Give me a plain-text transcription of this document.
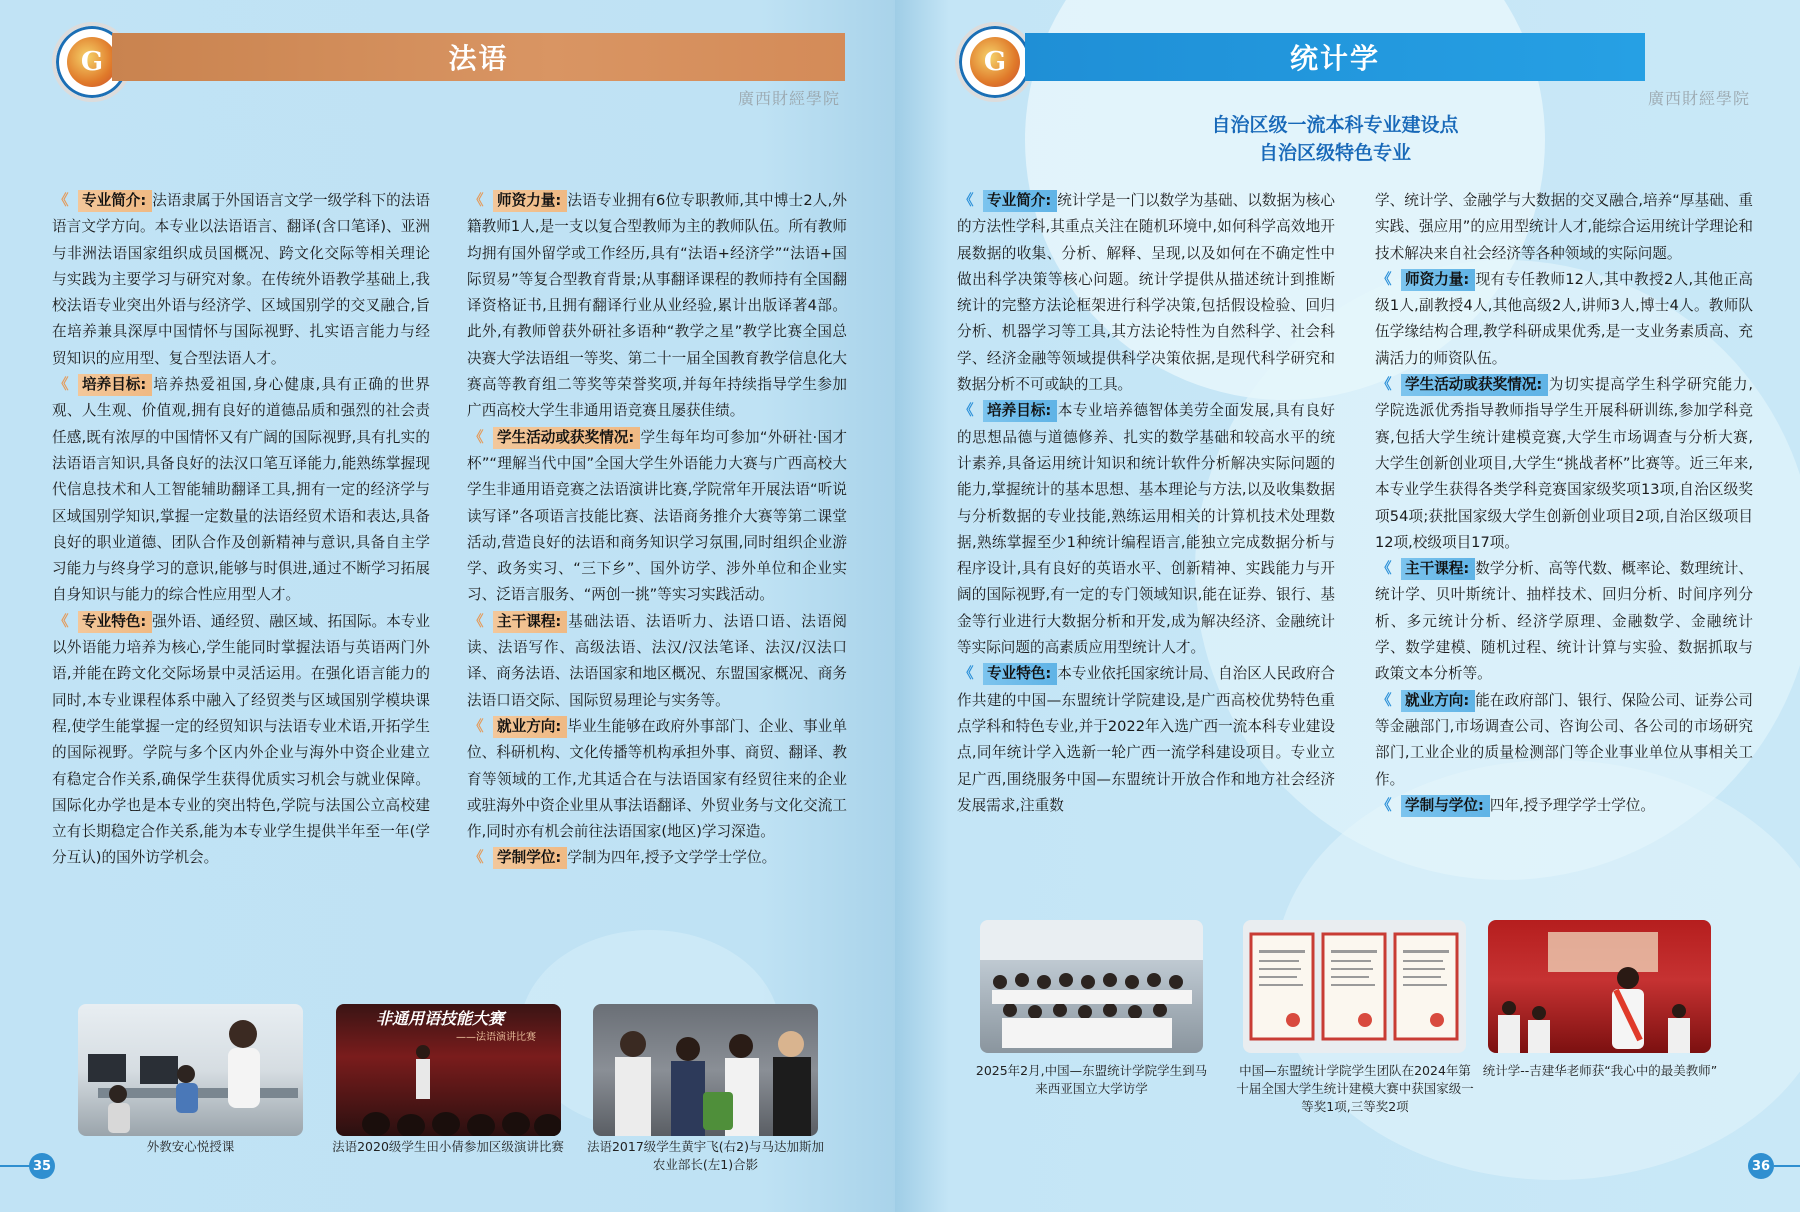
G	法语
廣西財經學院

《 专业简介: 法语隶属于外国语言文学一级学科下的法语语言文学方向。本专业以法语语言、翻译(含口笔译)、亚洲与非洲法语国家组织成员国概况、跨文化交际等相关理论与实践为主要学习与研究对象。在传统外语教学基础上,我校法语专业突出外语与经济学、区域国别学的交叉融合,旨在培养兼具深厚中国情怀与国际视野、扎实语言能力与经贸知识的应用型、复合型法语人才。

《 培养目标: 培养热爱祖国,身心健康,具有正确的世界观、人生观、价值观,拥有良好的道德品质和强烈的社会责任感,既有浓厚的中国情怀又有广阔的国际视野,具有扎实的法语语言知识,具备良好的法汉口笔互译能力,能熟练掌握现代信息技术和人工智能辅助翻译工具,拥有一定的经济学与区域国别学知识,掌握一定数量的法语经贸术语和表达,具备良好的职业道德、团队合作及创新精神与意识,具备自主学习能力与终身学习的意识,能够与时俱进,通过不断学习拓展自身知识与能力的综合性应用型人才。

《 专业特色: 强外语、通经贸、融区域、拓国际。本专业以外语能力培养为核心,学生能同时掌握法语与英语两门外语,并能在跨文化交际场景中灵活运用。在强化语言能力的同时,本专业课程体系中融入了经贸类与区域国别学模块课程,使学生能掌握一定的经贸知识与法语专业术语,开拓学生的国际视野。学院与多个区内外企业与海外中资企业建立有稳定合作关系,确保学生获得优质实习机会与就业保障。国际化办学也是本专业的突出特色,学院与法国公立高校建立有长期稳定合作关系,能为本专业学生提供半年至一年(学分互认)的国外访学机会。

《 师资力量: 法语专业拥有6位专职教师,其中博士2人,外籍教师1人,是一支以复合型教师为主的教师队伍。所有教师均拥有国外留学或工作经历,具有“法语+经济学”“法语+国际贸易”等复合型教育背景;从事翻译课程的教师持有全国翻译资格证书,且拥有翻译行业从业经验,累计出版译著4部。此外,有教师曾获外研社多语种“教学之星”教学比赛全国总决赛大学法语组一等奖、第二十一届全国教育教学信息化大赛高等教育组二等奖等荣誉奖项,并每年持续指导学生参加广西高校大学生非通用语竞赛且屡获佳绩。

《 学生活动或获奖情况: 学生每年均可参加“外研社·国才杯”“理解当代中国”全国大学生外语能力大赛与广西高校大学生非通用语竞赛之法语演讲比赛,学院常年开展法语“听说读写译”各项语言技能比赛、法语商务推介大赛等第二课堂活动,营造良好的法语和商务知识学习氛围,同时组织企业游学、政务实习、“三下乡”、国外访学、涉外单位和企业实习、泛语言服务、“两创一挑”等实习实践活动。

《 主干课程: 基础法语、法语听力、法语口语、法语阅读、法语写作、高级法语、法汉/汉法笔译、法汉/汉法口译、商务法语、法语国家和地区概况、东盟国家概况、商务法语口语交际、国际贸易理论与实务等。

《 就业方向: 毕业生能够在政府外事部门、企业、事业单位、科研机构、文化传播等机构承担外事、商贸、翻译、教育等领域的工作,尤其适合在与法语国家有经贸往来的企业或驻海外中资企业里从事法语翻译、外贸业务与文化交流工作,同时亦有机会前往法语国家(地区)学习深造。

《 学制学位: 学制为四年,授予文学学士学位。

外教安心悦授课
非通用语技能大赛
——法语演讲比赛
法语2020级学生田小倩参加区级演讲比赛	法语2017级学生黄宇飞(右2)与马达加斯加农业部长(左1)合影
35
G	统计学
廣西財經學院
自治区级一流本科专业建设点
自治区级特色专业

《 专业简介: 统计学是一门以数学为基础、以数据为核心的方法性学科,其重点关注在随机环境中,如何科学高效地开展数据的收集、分析、解释、呈现,以及如何在不确定性中做出科学决策等核心问题。统计学提供从描述统计到推断统计的完整方法论框架进行科学决策,包括假设检验、回归分析、机器学习等工具,其方法论特性为自然科学、社会科学、经济金融等领域提供科学决策依据,是现代科学研究和数据分析不可或缺的工具。

《 培养目标: 本专业培养德智体美劳全面发展,具有良好的思想品德与道德修养、扎实的数学基础和较高水平的统计素养,具备运用统计知识和统计软件分析解决实际问题的能力,掌握统计的基本思想、基本理论与方法,以及收集数据与分析数据的专业技能,熟练运用相关的计算机技术处理数据,熟练掌握至少1种统计编程语言,能独立完成数据分析与程序设计,具有良好的英语水平、创新精神、实践能力与开阔的国际视野,有一定的专门领域知识,能在证券、银行、基金等行业进行大数据分析和开发,成为解决经济、金融统计等实际问题的高素质应用型统计人才。

《 专业特色: 本专业依托国家统计局、自治区人民政府合作共建的中国—东盟统计学院建设,是广西高校优势特色重点学科和特色专业,并于2022年入选广西一流本科专业建设点,同年统计学入选新一轮广西一流学科建设项目。专业立足广西,围绕服务中国—东盟统计开放合作和地方社会经济发展需求,注重数

学、统计学、金融学与大数据的交叉融合,培养“厚基础、重实践、强应用”的应用型统计人才,能综合运用统计学理论和技术解决来自社会经济等各种领域的实际问题。

《 师资力量: 现有专任教师12人,其中教授2人,其他正高级1人,副教授4人,其他高级2人,讲师3人,博士4人。教师队伍学缘结构合理,教学科研成果优秀,是一支业务素质高、充满活力的师资队伍。

《 学生活动或获奖情况: 为切实提高学生科学研究能力,学院选派优秀指导教师指导学生开展科研训练,参加学科竞赛,包括大学生统计建模竞赛,大学生市场调查与分析大赛,大学生创新创业项目,大学生“挑战者杯”比赛等。近三年来,本专业学生获得各类学科竞赛国家级奖项13项,自治区级奖项54项;获批国家级大学生创新创业项目2项,自治区级项目12项,校级项目17项。

《 主干课程: 数学分析、高等代数、概率论、数理统计、统计学、贝叶斯统计、抽样技术、回归分析、时间序列分析、多元统计分析、经济学原理、金融数学、金融统计学、数学建模、随机过程、统计计算与实验、数据抓取与政策文本分析等。

《 就业方向: 能在政府部门、银行、保险公司、证券公司等金融部门,市场调查公司、咨询公司、各公司的市场研究部门,工业企业的质量检测部门等企业事业单位从事相关工作。

《 学制与学位: 四年,授予理学学士学位。

2025年2月,中国—东盟统计学院学生到马来西亚国立大学访学
中国—东盟统计学院学生团队在2024年第十届全国大学生统计建模大赛中获国家级一等奖1项,三等奖2项
统计学--吉建华老师获“我心中的最美教师”
36
